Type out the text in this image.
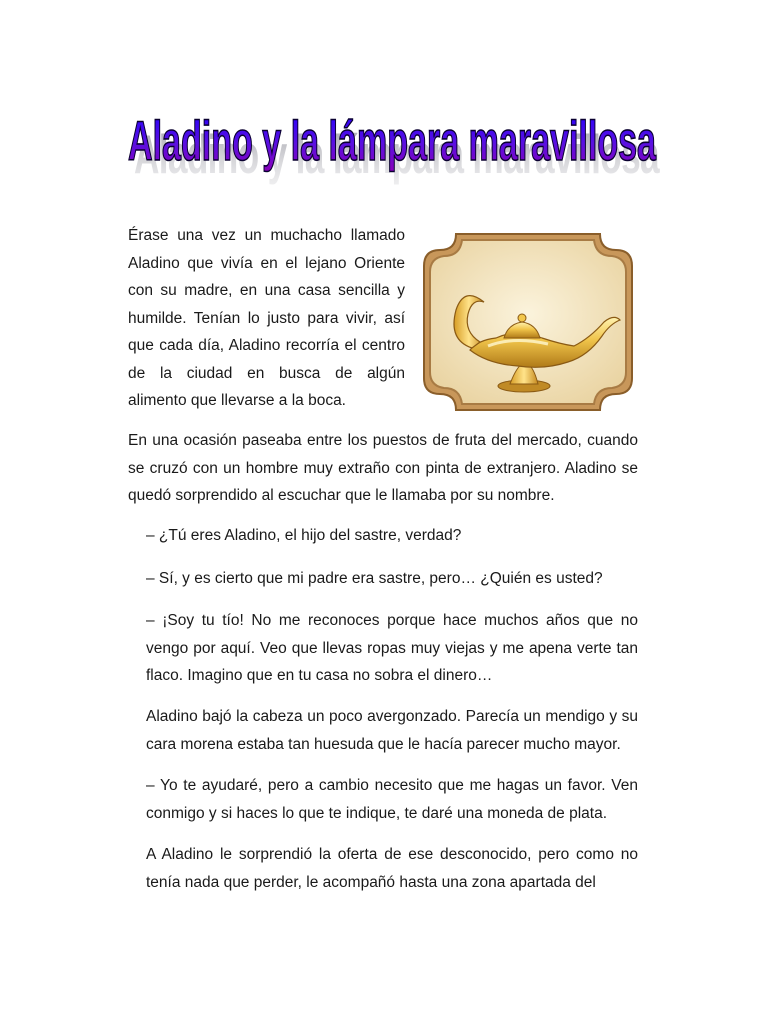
Aladino y la lámpara maravillosa
Aladino y la lámpara maravillosa

Érase una vez un muchacho llamado Aladino que vivía en el lejano Oriente con su madre, en una casa sencilla y humilde. Tenían lo justo para vivir, así que cada día, Aladino recorría el centro de la ciudad en busca de algún alimento que llevarse a la boca.

En una ocasión paseaba entre los puestos de fruta del mercado, cuando se cruzó con un hombre muy extraño con pinta de extranjero. Aladino se quedó sorprendido al escuchar que le llamaba por su nombre.

– ¿Tú eres Aladino, el hijo del sastre, verdad?

– Sí, y es cierto que mi padre era sastre, pero… ¿Quién es usted?

– ¡Soy tu tío! No me reconoces porque hace muchos años que no vengo por aquí. Veo que llevas ropas muy viejas y me apena verte tan flaco. Imagino que en tu casa no sobra el dinero…

Aladino bajó la cabeza un poco avergonzado. Parecía un mendigo y su cara morena estaba tan huesuda que le hacía parecer mucho mayor.

– Yo te ayudaré, pero a cambio necesito que me hagas un favor. Ven conmigo y si haces lo que te indique, te daré una moneda de plata.

A Aladino le sorprendió la oferta de ese desconocido, pero como no tenía nada que perder, le acompañó hasta una zona apartada del
